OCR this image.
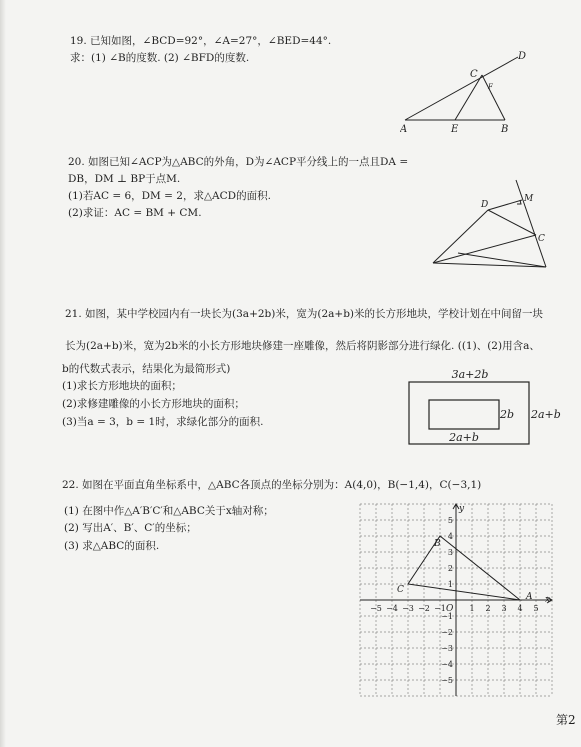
19. 已知如图，∠BCD=92°，∠A=27°，∠BED=44°.
求：(1) ∠B的度数. (2) ∠BFD的度数.
A	E	B
C
D
F
20. 如图已知∠ACP为△ABC的外角，D为∠ACP平分线上的一点且DA =
DB，DM ⊥ BP于点M.
(1)若AC = 6，DM = 2，求△ACD的面积.
(2)求证：AC = BM + CM.
D
M
C
21. 如图，某中学校园内有一块长为(3a+2b)米，宽为(2a+b)米的长方形地块，学校计划在中间留一块
长为(2a+b)米，宽为2b米的小长方形地块修建一座雕像，然后将阴影部分进行绿化. ((1)、(2)用含a、
b的代数式表示，结果化为最简形式)
(1)求长方形地块的面积；
(2)求修建雕像的小长方形地块的面积；
(3)当a = 3，b = 1时，求绿化部分的面积.
3a+2b
2b 2a+b
2a+b
22. 如图在平面直角坐标系中，△ABC各顶点的坐标分别为：A(4,0)，B(−1,4)，C(−3,1)
(1) 在图中作△A′B′C′和△ABC关于x轴对称；
(2) 写出A′、B′、C′的坐标；
(3) 求△ABC的面积.
−5 −4 −3 −2 −1	1 2 3 4 5
5
4
3
2
1
−1
−2
−3
−4
−5
x
y
O
A
B
C
第2
